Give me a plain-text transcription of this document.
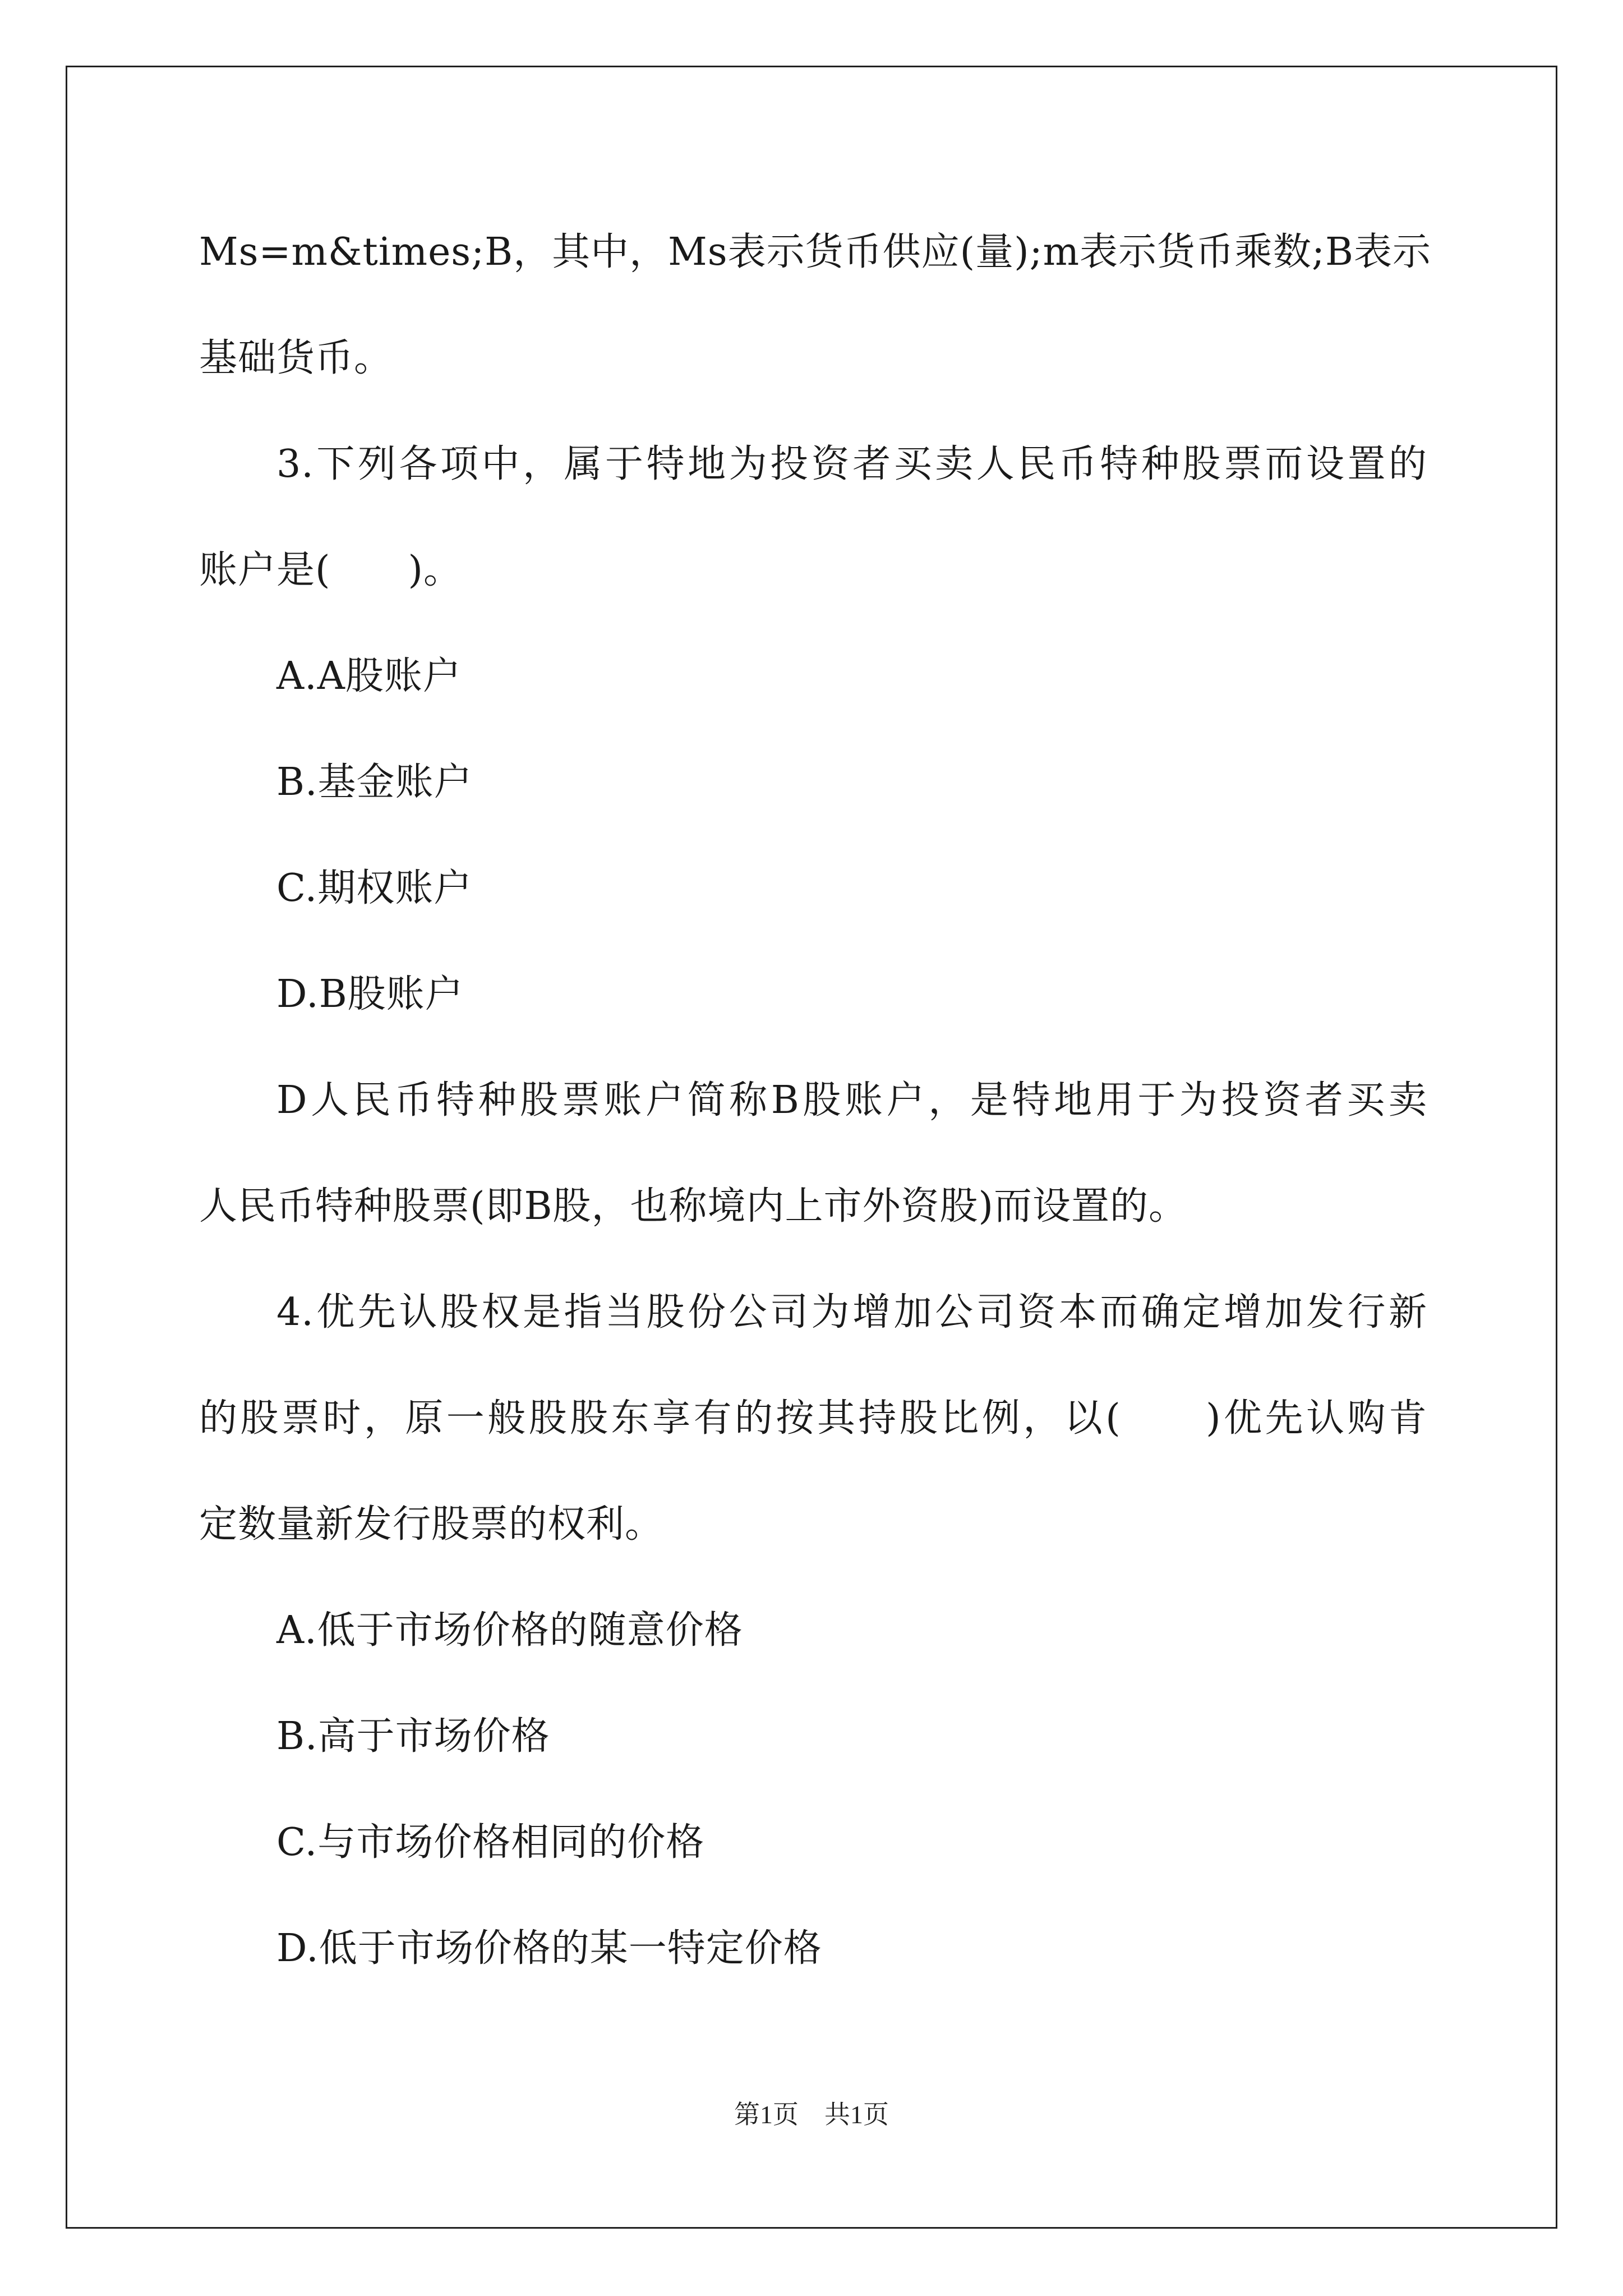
Ms=m&times;B，其中，Ms表示货币供应(量);m表示货币乘数;B表示
基础货币。
3.下列各项中，属于特地为投资者买卖人民币特种股票而设置的
账户是(　　)。
A.A股账户
B.基金账户
C.期权账户
D.B股账户
D人民币特种股票账户简称B股账户，是特地用于为投资者买卖
人民币特种股票(即B股，也称境内上市外资股)而设置的。
4.优先认股权是指当股份公司为增加公司资本而确定增加发行新
的股票时，原一般股股东享有的按其持股比例，以(　　)优先认购肯
定数量新发行股票的权利。
A.低于市场价格的随意价格
B.高于市场价格
C.与市场价格相同的价格
D.低于市场价格的某一特定价格
第1页　共1页
